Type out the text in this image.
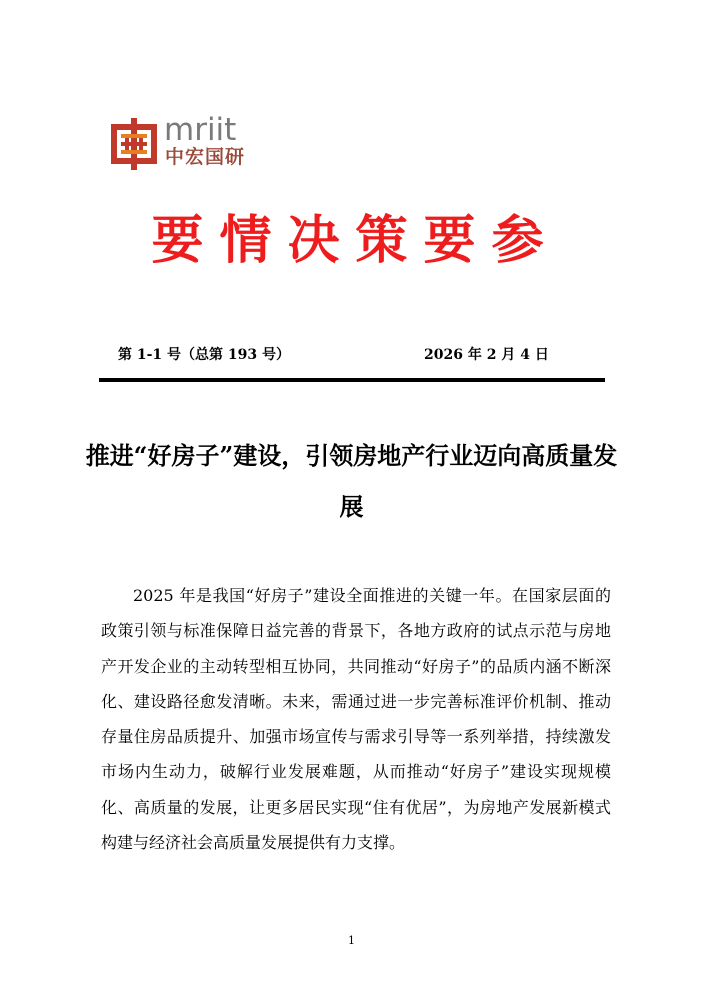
mriit
中宏国研
要情决策要参
第 1-1 号（总第 193 号）	2026 年 2 月 4 日
推进“好房子”建设，引领房地产行业迈向高质量发展
2025 年是我国“好房子”建设全面推进的关键一年。在国家层面的政策引领与标准保障日益完善的背景下，各地方政府的试点示范与房地产开发企业的主动转型相互协同，共同推动“好房子”的品质内涵不断深化、建设路径愈发清晰。未来，需通过进一步完善标准评价机制、推动存量住房品质提升、加强市场宣传与需求引导等一系列举措，持续激发市场内生动力，破解行业发展难题，从而推动“好房子”建设实现规模化、高质量的发展，让更多居民实现“住有优居”，为房地产发展新模式构建与经济社会高质量发展提供有力支撑。
1
